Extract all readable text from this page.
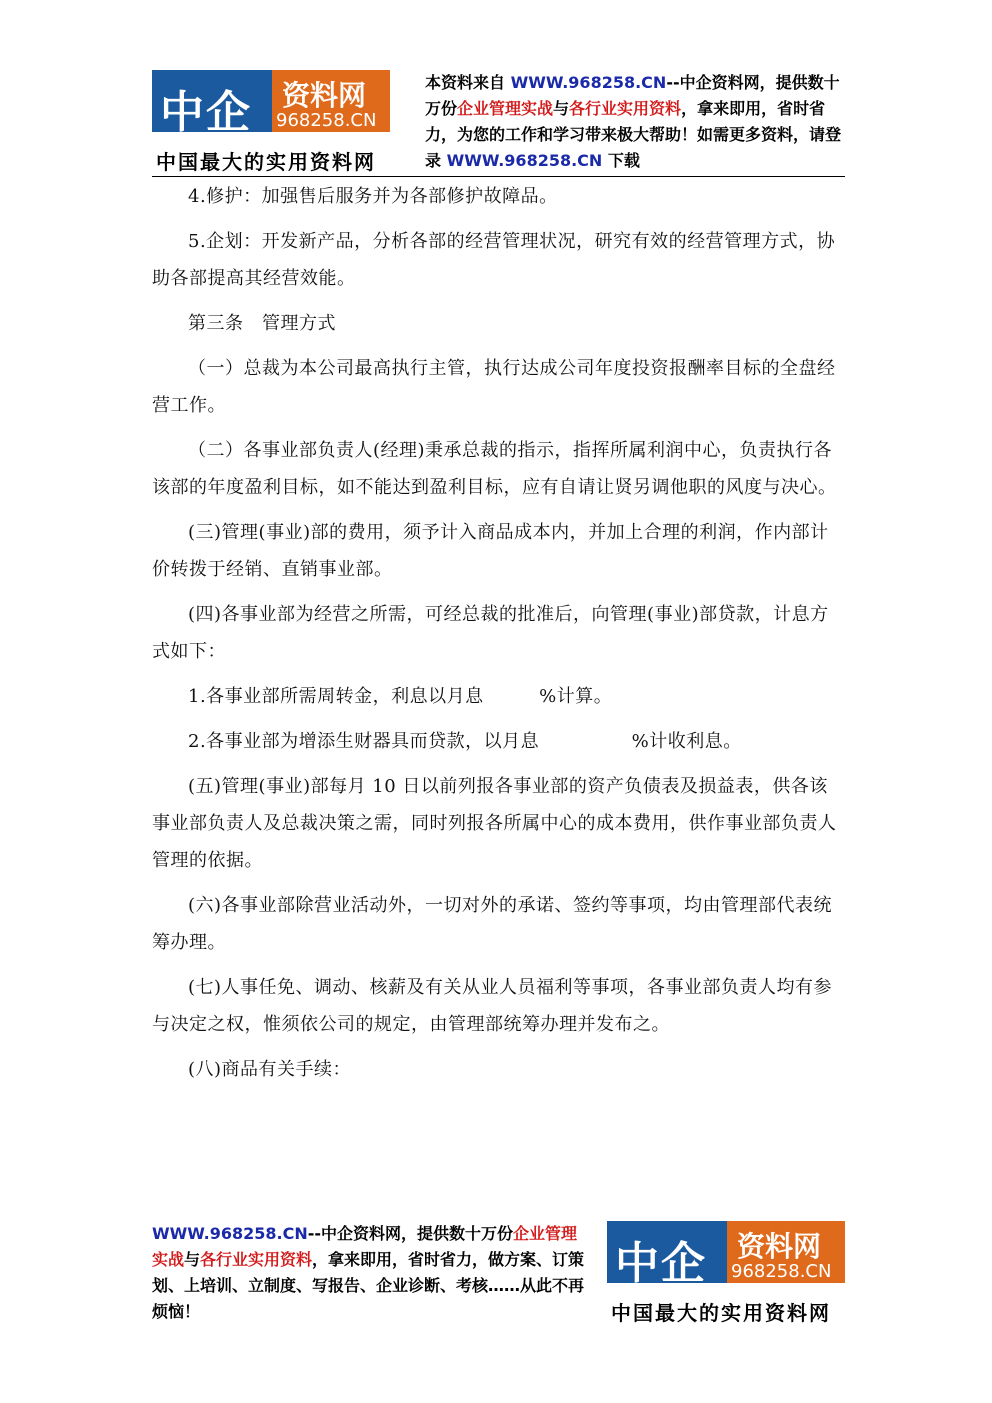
中企 资料网
968258.CN
中国最大的实用资料网
本资料来自 WWW.968258.CN--中企资料网，提供数十万份企业管理实战与各行业实用资料，拿来即用，省时省力，为您的工作和学习带来极大帮助！如需更多资料，请登录 WWW.968258.CN 下载

4.修护：加强售后服务并为各部修护故障品。

5.企划：开发新产品，分析各部的经营管理状况，研究有效的经营管理方式，协助各部提高其经营效能。

第三条　管理方式

（一）总裁为本公司最高执行主管，执行达成公司年度投资报酬率目标的全盘经营工作。

（二）各事业部负责人(经理)秉承总裁的指示，指挥所属利润中心，负责执行各该部的年度盈利目标，如不能达到盈利目标，应有自请让贤另调他职的风度与决心。

(三)管理(事业)部的费用，须予计入商品成本内，并加上合理的利润，作内部计价转拨于经销、直销事业部。

(四)各事业部为经营之所需，可经总裁的批准后，向管理(事业)部贷款，计息方式如下：

1.各事业部所需周转金，利息以月息　　　%计算。

2.各事业部为增添生财器具而贷款，以月息　　　　　%计收利息。

(五)管理(事业)部每月 10 日以前列报各事业部的资产负债表及损益表，供各该事业部负责人及总裁决策之需，同时列报各所属中心的成本费用，供作事业部负责人管理的依据。

(六)各事业部除营业活动外，一切对外的承诺、签约等事项，均由管理部代表统筹办理。

(七)人事任免、调动、核薪及有关从业人员福利等事项，各事业部负责人均有参与决定之权，惟须依公司的规定，由管理部统筹办理并发布之。

(八)商品有关手续：

WWW.968258.CN--中企资料网，提供数十万份企业管理实战与各行业实用资料，拿来即用，省时省力，做方案、订策划、上培训、立制度、写报告、企业诊断、考核……从此不再烦恼！
中企 资料网
968258.CN
中国最大的实用资料网
